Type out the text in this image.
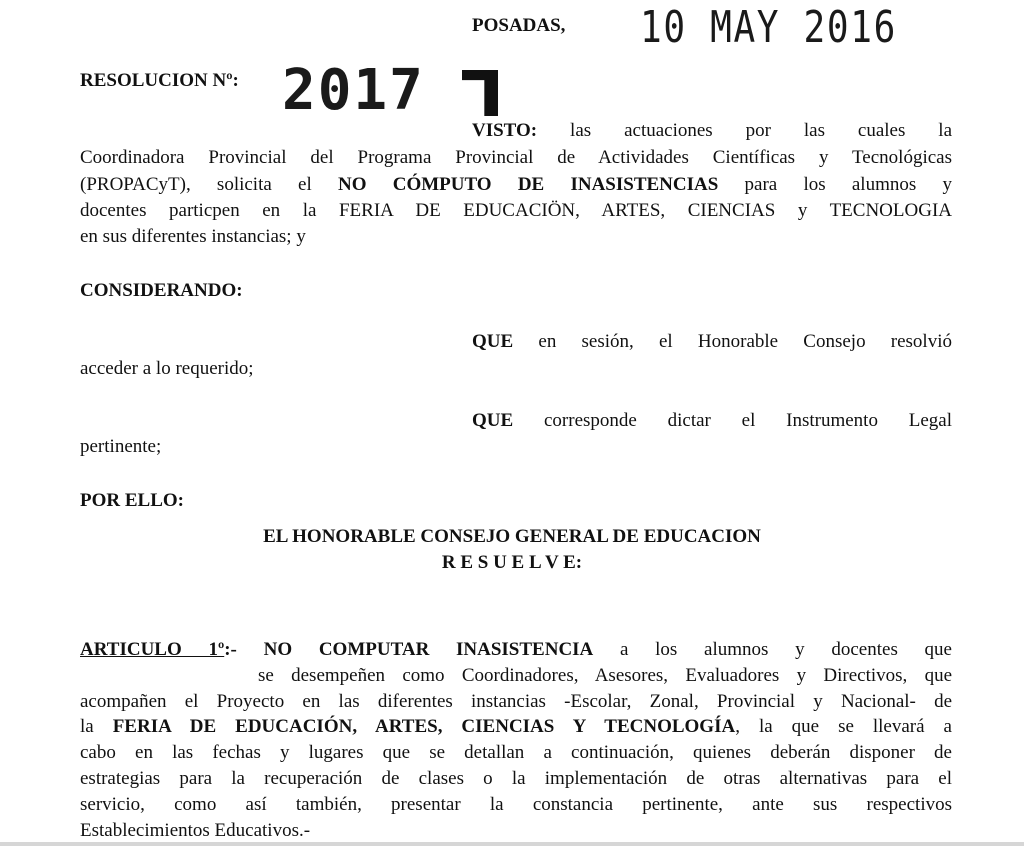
POSADAS, 10 MAY 2016
RESOLUCION Nº: 2017
VISTO: las actuaciones por las cuales la
Coordinadora Provincial del Programa Provincial de Actividades Científicas y Tecnológicas
(PROPACyT), solicita el NO CÓMPUTO DE INASISTENCIAS para los alumnos y
docentes particpen en la FERIA DE EDUCACIÖN, ARTES, CIENCIAS y TECNOLOGIA
en sus diferentes instancias; y
CONSIDERANDO:
QUE en sesión, el Honorable Consejo resolvió
acceder a lo requerido;
QUE corresponde dictar el Instrumento Legal
pertinente;
POR ELLO:
EL HONORABLE CONSEJO GENERAL DE EDUCACION
R E S U E L V E:
ARTICULO 1º:- NO COMPUTAR INASISTENCIA a los alumnos y docentes que
se desempeñen como Coordinadores, Asesores, Evaluadores y Directivos, que
acompañen el Proyecto en las diferentes instancias -Escolar, Zonal, Provincial y Nacional- de
la FERIA DE EDUCACIÓN, ARTES, CIENCIAS Y TECNOLOGÍA, la que se llevará a
cabo en las fechas y lugares que se detallan a continuación, quienes deberán disponer de
estrategias para la recuperación de clases o la implementación de otras alternativas para el
servicio, como así también, presentar la constancia pertinente, ante sus respectivos
Establecimientos Educativos.-
